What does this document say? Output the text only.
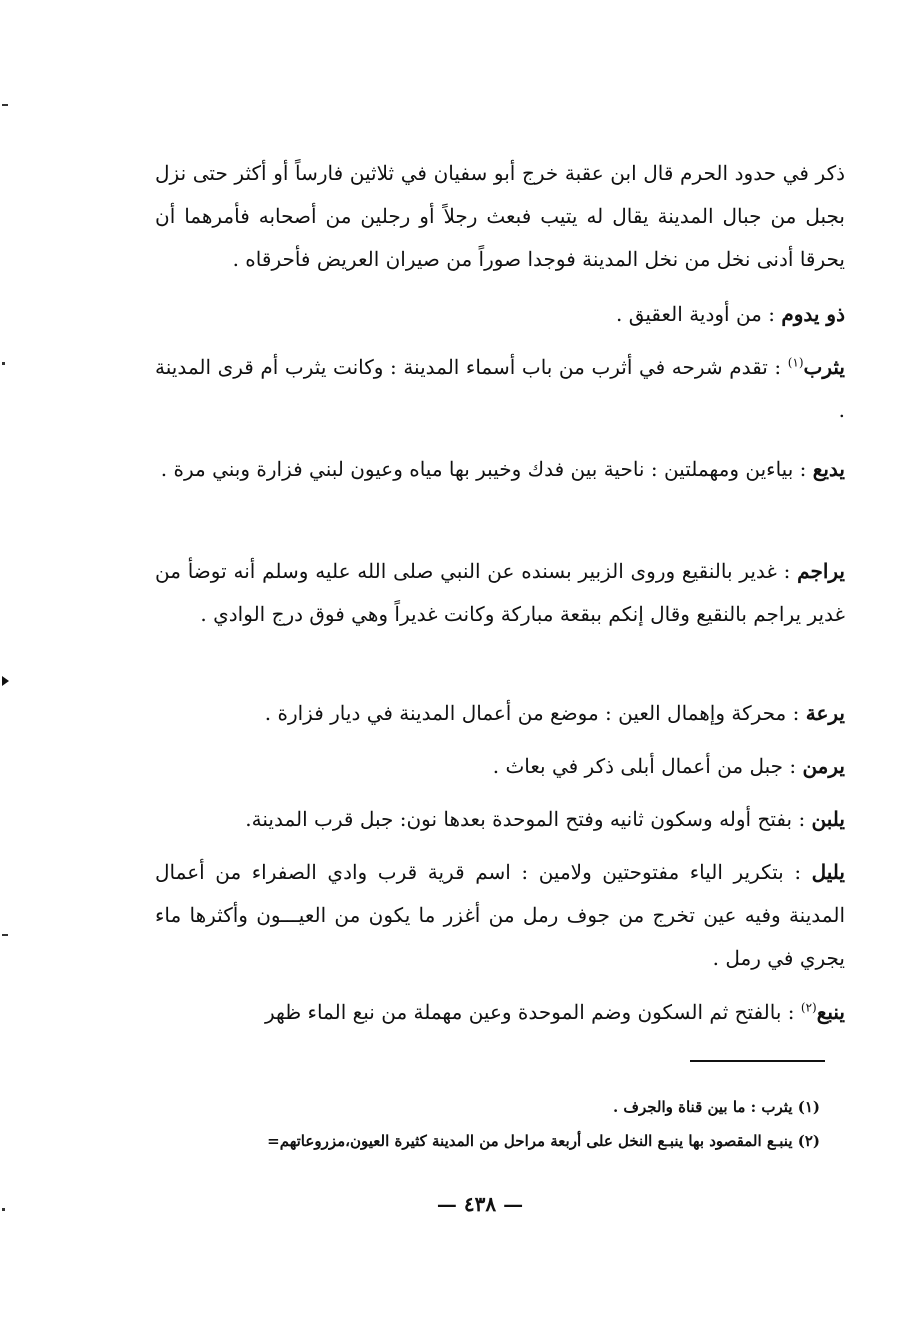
ذكر في حدود الحرم قال ابن عقبة خرج أبو سفيان في ثلاثين فارساً أو أكثر حتى نزل بجبل من جبال المدينة يقال له يتيب فبعث رجلاً أو رجلين من أصحابه فأمرهما أن يحرقا أدنى نخل من نخل المدينة فوجدا صوراً من صيران العريض فأحرقاه .

ذو يدوم : من أودية العقيق .

يثرب$^{(١)}$ : تقدم شرحه في أثرب من باب أسماء المدينة : وكانت يثرب أم قرى المدينة .

يديع : بياءين ومهملتين : ناحية بين فدك وخيبر بها مياه وعيون لبني فزارة وبني مرة .

يراجم : غدير بالنقيع وروى الزبير بسنده عن النبي صلى الله عليه وسلم أنه توضأ من غدير يراجم بالنقيع وقال إنكم ببقعة مباركة وكانت غديراً وهي فوق درج الوادي .

يرعة : محركة وإهمال العين : موضع من أعمال المدينة في ديار فزارة .

يرمن : جبل من أعمال أبلى ذكر في بعاث .

يلبن : بفتح أوله وسكون ثانيه وفتح الموحدة بعدها نون: جبل قرب المدينة.

يليل : بتكرير الياء مفتوحتين ولامين : اسم قرية قرب وادي الصفراء من أعمال المدينة وفيه عين تخرج من جوف رمل من أغزر ما يكون من العيـــون وأكثرها ماء يجري في رمل .

ينبع$^{(٢)}$ : بالفتح ثم السكون وضم الموحدة وعين مهملة من نبع الماء ظهر

(١) يثرب : ما بين قناة والجرف .
(٢) ينبـع المقصود بها ينبـع النخل على أربعة مراحل من المدينة كثيرة العيون،مزروعاتهم=
— ٤٣٨ —
